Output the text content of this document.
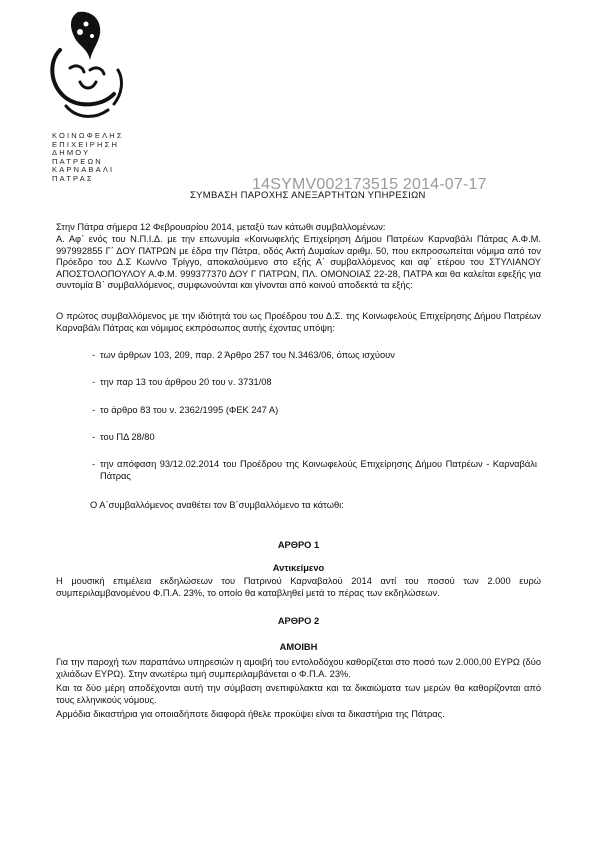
ΚΟΙΝΩΦΕΛΗΣ
ΕΠΙΧΕΙΡΗΣΗ
ΔΗΜΟΥ
ΠΑΤΡΕΩΝ
ΚΑΡΝΑΒΑΛΙ
ΠΑΤΡΑΣ	14SYMV002173515 2014-07-17
ΣΥΜΒΑΣΗ ΠΑΡΟΧΗΣ ΑΝΕΞΑΡΤΗΤΩΝ ΥΠΗΡΕΣΙΩΝ
Στην Πάτρα σήμερα 12 Φεβρουαρίου 2014, μεταξύ των κάτωθι συμβαλλομένων:
Α. Αφ΄ ενός του Ν.Π.Ι.Δ. με την επωνυμία «Κοινωφελής Επιχείρηση Δήμου Πατρέων Καρναβάλι Πάτρας Α.Φ.Μ. 997992855 Γ΄ ΔΟΥ ΠΑΤΡΩΝ με έδρα την Πάτρα, οδός Ακτή Δυμαίων αριθμ. 50, που εκπροσωπείται νόμιμα από τον Πρόεδρο του Δ.Σ Κων/νο Τρίγγο, αποκαλούμενο στο εξής Α΄ συμβαλλόμενος και αφ΄ ετέρου του ΣΤΥΛΙΑΝΟΥ ΑΠΟΣΤΟΛΟΠΟΥΛΟΥ Α.Φ.Μ. 999377370 ΔΟΥ Γ ΠΑΤΡΩΝ, ΠΛ. ΟΜΟΝΟΙΑΣ 22-28, ΠΑΤΡΑ και θα καλείται εφεξής για συντομία Β΄ συμβαλλόμενος, συμφωνούνται και γίνονται από κοινού αποδεκτά τα εξής:
Ο πρώτος συμβαλλόμενος με την ιδιότητά του ως Προέδρου του Δ.Σ. της Κοινωφελούς Επιχείρησης Δήμου Πατρέων Καρναβάλι Πάτρας και νόμιμος εκπρόσωπος αυτής έχοντας υπόψη:
- των άρθρων 103, 209, παρ. 2 Άρθρο 257 του Ν.3463/06, όπως ισχύουν
- την παρ 13 του άρθρου 20 του ν. 3731/08
- το άρθρο 83 του ν. 2362/1995 (ΦΕΚ 247 Α)
- του ΠΔ 28/80
- την απόφαση 93/12.02.2014 του Προέδρου της Κοινωφελούς Επιχείρησης Δήμου Πατρέων - Καρναβάλι Πάτρας
Ο Α΄συμβαλλόμενος αναθέτει τον Β΄συμβαλλόμενο τα κάτωθι:
ΑΡΘΡΟ 1
Αντικείμενο
Η μουσική επιμέλεια εκδηλώσεων του Πατρινού Καρναβαλού 2014 αντί του ποσού των 2.000 ευρώ συμπεριλαμβανομένου Φ.Π.Α. 23%, το οποίο θα καταβληθεί μετά το πέρας των εκδηλώσεων.
ΑΡΘΡΟ 2
ΑΜΟΙΒΗ
Για την παροχή των παραπάνω υπηρεσιών η αμοιβή του εντολοδόχου καθορίζεται στο ποσό των 2.000,00 ΕΥΡΩ (δύο χιλιάδων ΕΥΡΩ). Στην ανωτέρω τιμή συμπεριλαμβάνεται ο Φ.Π.Α. 23%.
Και τα δύο μέρη αποδέχονται αυτή την σύμβαση ανεπιφύλακτα και τα δικαιώματα των μερών θα καθορίζονται από τους ελληνικούς νόμους.
Αρμόδια δικαστήρια για οποιαδήποτε διαφορά ήθελε προκύψει είναι τα δικαστήρια της Πάτρας.
